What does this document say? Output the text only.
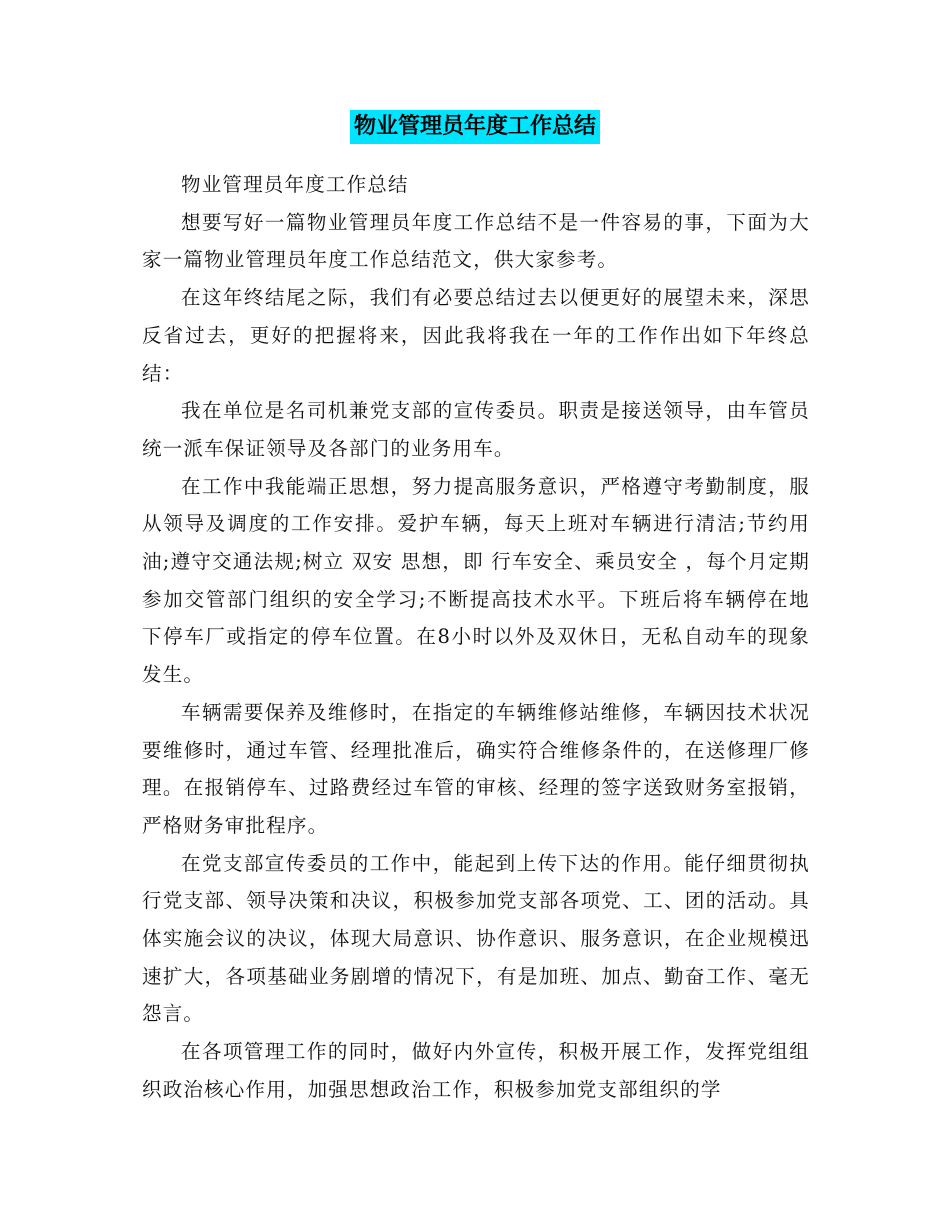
物业管理员年度工作总结

物业管理员年度工作总结

想要写好一篇物业管理员年度工作总结不是一件容易的事，下面为大家一篇物业管理员年度工作总结范文，供大家参考。

在这年终结尾之际，我们有必要总结过去以便更好的展望未来，深思反省过去，更好的把握将来，因此我将我在一年的工作作出如下年终总结：

我在单位是名司机兼党支部的宣传委员。职责是接送领导，由车管员统一派车保证领导及各部门的业务用车。

在工作中我能端正思想，努力提高服务意识，严格遵守考勤制度，服从领导及调度的工作安排。爱护车辆，每天上班对车辆进行清洁;节约用油;遵守交通法规;树立 双安 思想，即 行车安全、乘员安全 ，每个月定期参加交管部门组织的安全学习;不断提高技术水平。下班后将车辆停在地下停车厂或指定的停车位置。在8小时以外及双休日，无私自动车的现象发生。

车辆需要保养及维修时，在指定的车辆维修站维修，车辆因技术状况要维修时，通过车管、经理批准后，确实符合维修条件的，在送修理厂修理。在报销停车、过路费经过车管的审核、经理的签字送致财务室报销，严格财务审批程序。

在党支部宣传委员的工作中，能起到上传下达的作用。能仔细贯彻执行党支部、领导决策和决议，积极参加党支部各项党、工、团的活动。具体实施会议的决议，体现大局意识、协作意识、服务意识，在企业规模迅速扩大，各项基础业务剧增的情况下，有是加班、加点、勤奋工作、毫无怨言。

在各项管理工作的同时，做好内外宣传，积极开展工作，发挥党组组织政治核心作用，加强思想政治工作，积极参加党支部组织的学
